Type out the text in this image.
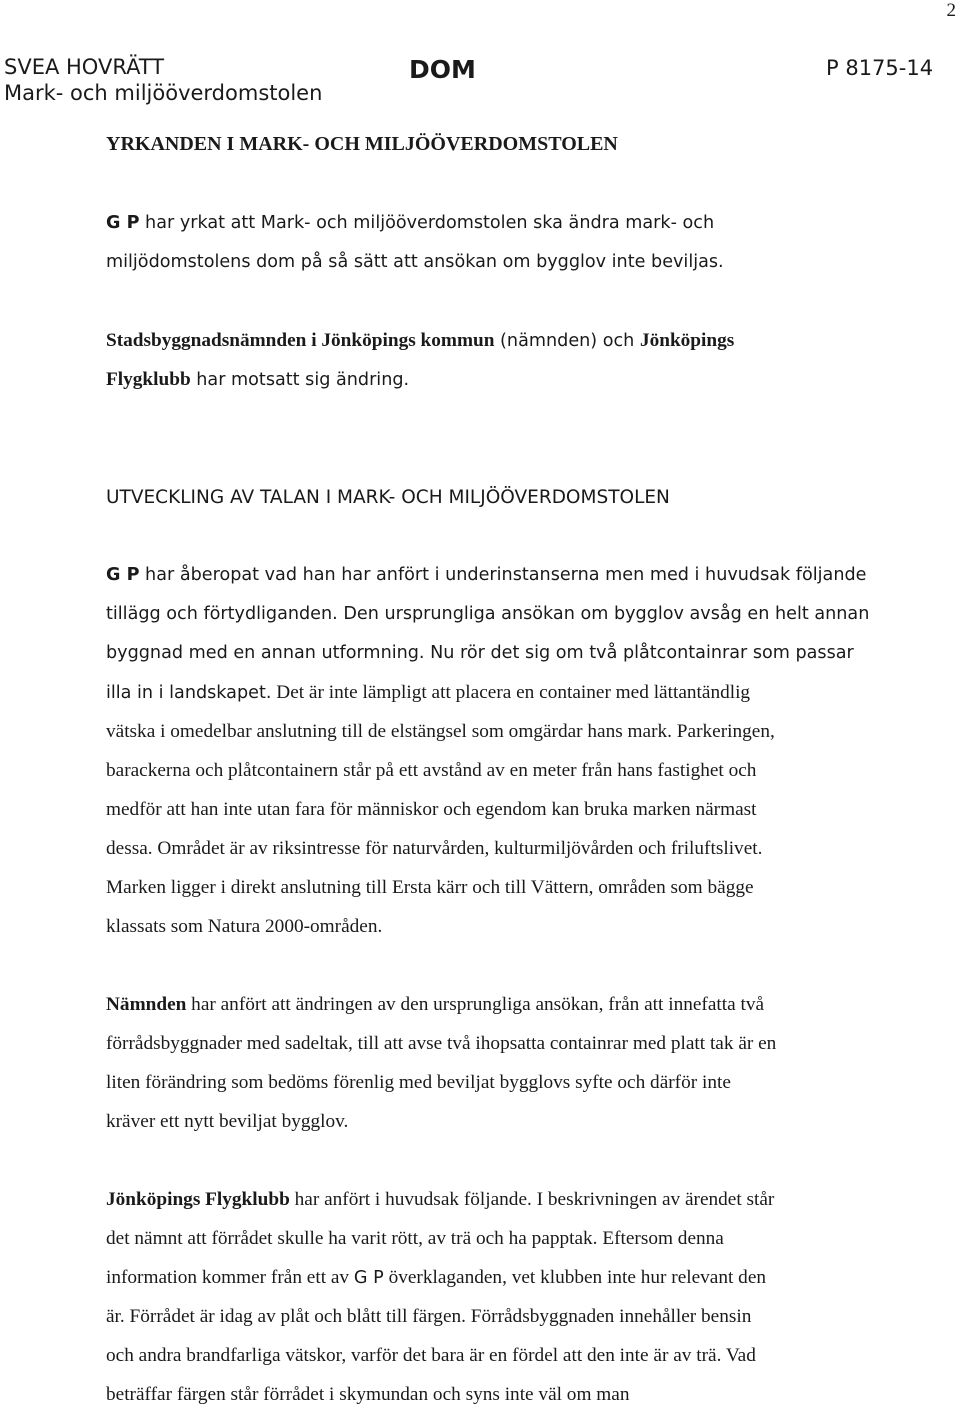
2
SVEA HOVRÄTT
Mark- och miljööverdomstolen
DOM	P 8175-14
YRKANDEN I MARK- OCH MILJÖÖVERDOMSTOLEN
G P har yrkat att Mark- och miljööverdomstolen ska ändra mark- och
miljödomstolens dom på så sätt att ansökan om bygglov inte beviljas.
Stadsbyggnadsnämnden i Jönköpings kommun (nämnden) och Jönköpings
Flygklubb har motsatt sig ändring.
UTVECKLING AV TALAN I MARK- OCH MILJÖÖVERDOMSTOLEN
G P har åberopat vad han har anfört i underinstanserna men med i huvudsak följande
tillägg och förtydliganden. Den ursprungliga ansökan om bygglov avsåg en helt annan
byggnad med en annan utformning. Nu rör det sig om två plåtcontainrar som passar
illa in i landskapet. Det är inte lämpligt att placera en container med lättantändlig
vätska i omedelbar anslutning till de elstängsel som omgärdar hans mark. Parkeringen,
barackerna och plåtcontainern står på ett avstånd av en meter från hans fastighet och
medför att han inte utan fara för människor och egendom kan bruka marken närmast
dessa. Området är av riksintresse för naturvården, kulturmiljövården och friluftslivet.
Marken ligger i direkt anslutning till Ersta kärr och till Vättern, områden som bägge
klassats som Natura 2000-områden.
Nämnden har anfört att ändringen av den ursprungliga ansökan, från att innefatta två
förrådsbyggnader med sadeltak, till att avse två ihopsatta containrar med platt tak är en
liten förändring som bedöms förenlig med beviljat bygglovs syfte och därför inte
kräver ett nytt beviljat bygglov.
Jönköpings Flygklubb har anfört i huvudsak följande. I beskrivningen av ärendet står
det nämnt att förrådet skulle ha varit rött, av trä och ha papptak. Eftersom denna
information kommer från ett av G P överklaganden, vet klubben inte hur relevant den
är. Förrådet är idag av plåt och blått till färgen. Förrådsbyggnaden innehåller bensin
och andra brandfarliga vätskor, varför det bara är en fördel att den inte är av trä. Vad
beträffar färgen står förrådet i skymundan och syns inte väl om man
